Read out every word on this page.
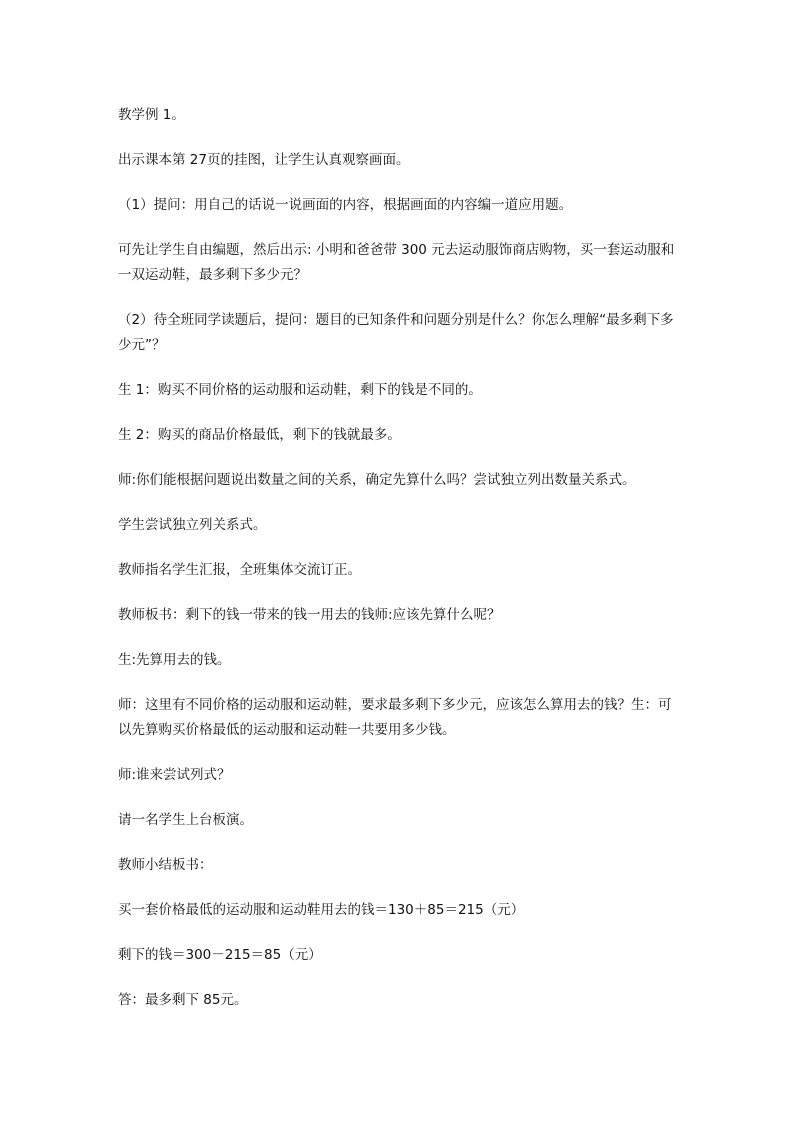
教学例 1。

出示课本第 27页的挂图，让学生认真观察画面。

（1）提问：用自己的话说一说画面的内容，根据画面的内容编一道应用题。

可先让学生自由编题，然后出示: 小明和爸爸带 300 元去运动服饰商店购物，买一套运动服和一双运动鞋，最多剩下多少元？

（2）待全班同学读题后，提问：题目的已知条件和问题分别是什么？你怎么理解“最多剩下多少元”？

生 1：购买不同价格的运动服和运动鞋，剩下的钱是不同的。

生 2：购买的商品价格最低，剩下的钱就最多。

师:你们能根据问题说出数量之间的关系，确定先算什么吗？尝试独立列出数量关系式。

学生尝试独立列关系式。

教师指名学生汇报，全班集体交流订正。

教师板书：剩下的钱一带来的钱一用去的钱师:应该先算什么呢？

生:先算用去的钱。

师：这里有不同价格的运动服和运动鞋，要求最多剩下多少元，应该怎么算用去的钱？生：可以先算购买价格最低的运动服和运动鞋一共要用多少钱。

师:谁来尝试列式？

请一名学生上台板演。

教师小结板书：

买一套价格最低的运动服和运动鞋用去的钱＝130＋85＝215（元）

剩下的钱＝300－215＝85（元）

答：最多剩下 85元。
